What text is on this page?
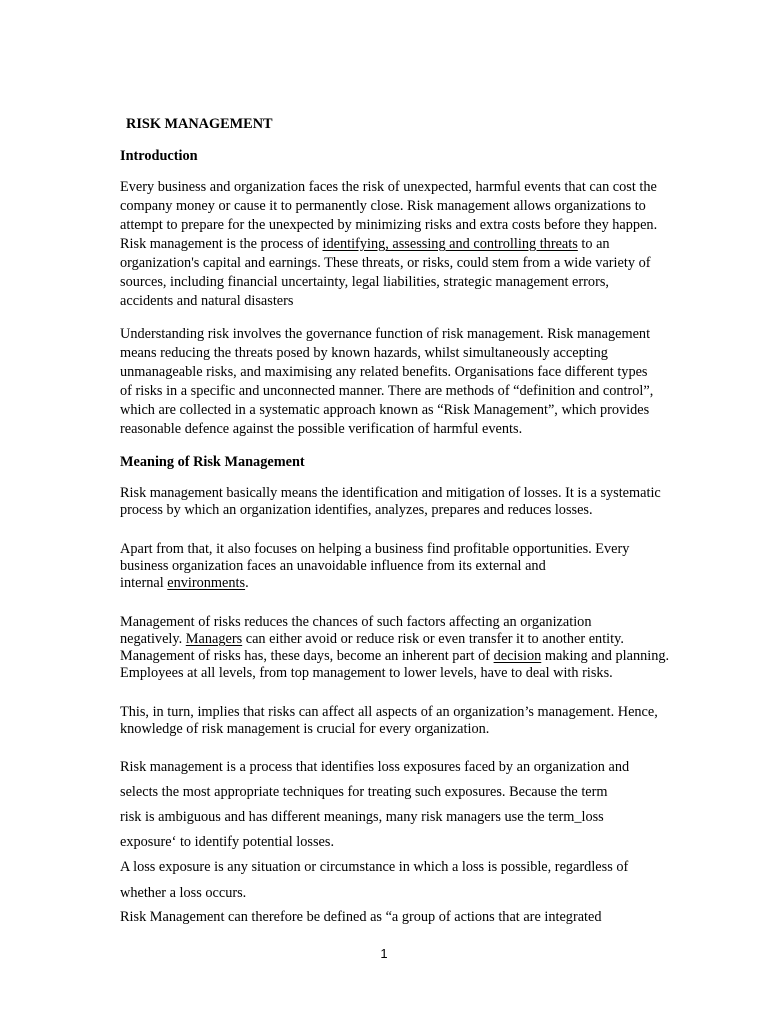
RISK MANAGEMENT
Introduction
Every business and organization faces the risk of unexpected, harmful events that can cost the
company money or cause it to permanently close. Risk management allows organizations to
attempt to prepare for the unexpected by minimizing risks and extra costs before they happen.
Risk management is the process of identifying, assessing and controlling threats to an
organization's capital and earnings. These threats, or risks, could stem from a wide variety of
sources, including financial uncertainty, legal liabilities, strategic management errors,
accidents and natural disasters
Understanding risk involves the governance function of risk management. Risk management
means reducing the threats posed by known hazards, whilst simultaneously accepting
unmanageable risks, and maximising any related benefits. Organisations face different types
of risks in a specific and unconnected manner. There are methods of “definition and control”,
which are collected in a systematic approach known as “Risk Management”, which provides
reasonable defence against the possible verification of harmful events.
Meaning of Risk Management
Risk management basically means the identification and mitigation of losses. It is a systematic
process by which an organization identifies, analyzes, prepares and reduces losses.
Apart from that, it also focuses on helping a business find profitable opportunities. Every
business organization faces an unavoidable influence from its external and
internal environments.
Management of risks reduces the chances of such factors affecting an organization
negatively. Managers can either avoid or reduce risk or even transfer it to another entity.
Management of risks has, these days, become an inherent part of decision making and planning.
Employees at all levels, from top management to lower levels, have to deal with risks.
This, in turn, implies that risks can affect all aspects of an organization’s management. Hence,
knowledge of risk management is crucial for every organization.
Risk management is a process that identifies loss exposures faced by an organization and
selects the most appropriate techniques for treating such exposures. Because the term
risk is ambiguous and has different meanings, many risk managers use the term_loss
exposure‘ to identify potential losses.
A loss exposure is any situation or circumstance in which a loss is possible, regardless of
whether a loss occurs.
Risk Management can therefore be defined as “a group of actions that are integrated
1
